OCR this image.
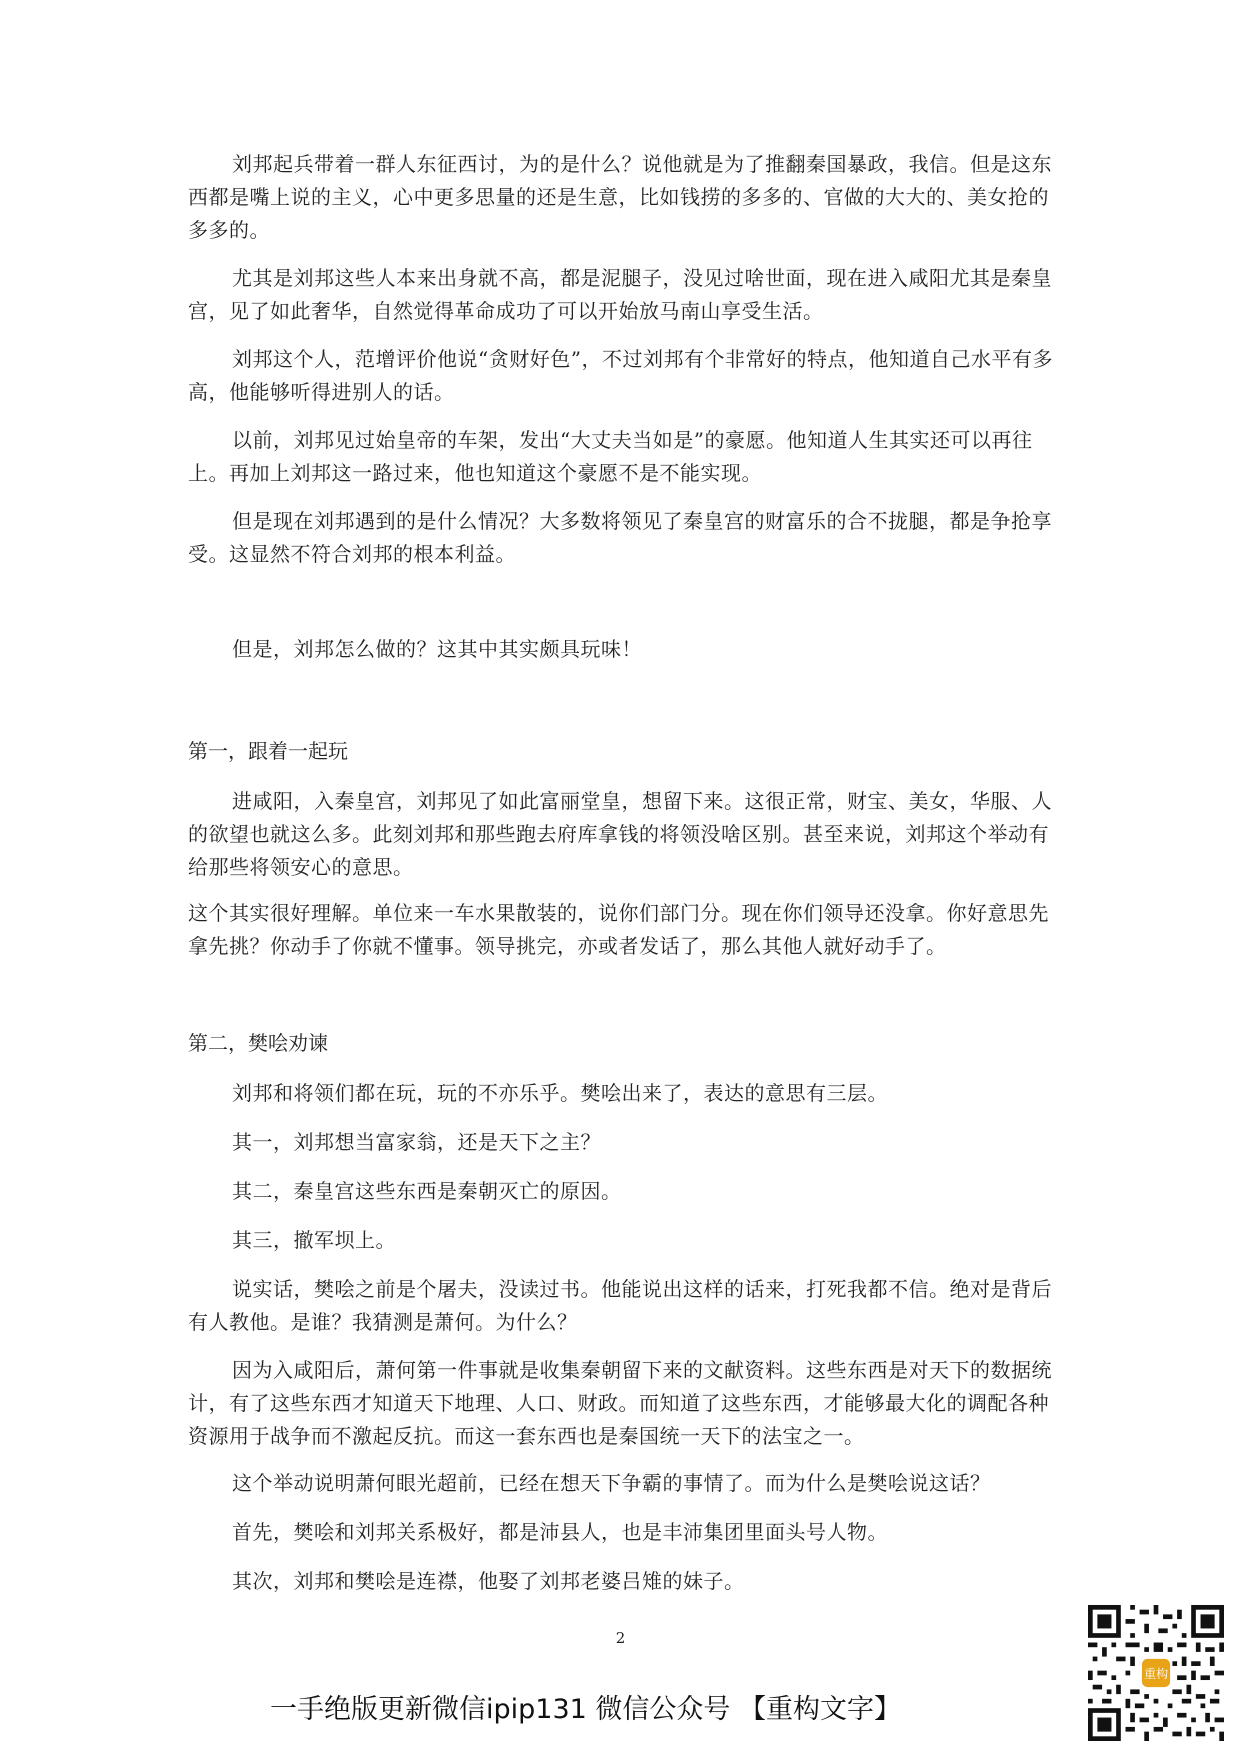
刘邦起兵带着一群人东征西讨，为的是什么？说他就是为了推翻秦国暴政，我信。但是这东西都是嘴上说的主义，心中更多思量的还是生意，比如钱捞的多多的、官做的大大的、美女抢的多多的。

尤其是刘邦这些人本来出身就不高，都是泥腿子，没见过啥世面，现在进入咸阳尤其是秦皇宫，见了如此奢华，自然觉得革命成功了可以开始放马南山享受生活。

刘邦这个人，范增评价他说“贪财好色”，不过刘邦有个非常好的特点，他知道自己水平有多高，他能够听得进别人的话。

以前，刘邦见过始皇帝的车架，发出“大丈夫当如是”的豪愿。他知道人生其实还可以再往上。再加上刘邦这一路过来，他也知道这个豪愿不是不能实现。

但是现在刘邦遇到的是什么情况？大多数将领见了秦皇宫的财富乐的合不拢腿，都是争抢享受。这显然不符合刘邦的根本利益。

但是，刘邦怎么做的？这其中其实颇具玩味！

第一，跟着一起玩

进咸阳，入秦皇宫，刘邦见了如此富丽堂皇，想留下来。这很正常，财宝、美女，华服、人的欲望也就这么多。此刻刘邦和那些跑去府库拿钱的将领没啥区别。甚至来说，刘邦这个举动有给那些将领安心的意思。

这个其实很好理解。单位来一车水果散装的，说你们部门分。现在你们领导还没拿。你好意思先拿先挑？你动手了你就不懂事。领导挑完，亦或者发话了，那么其他人就好动手了。

第二，樊哙劝谏

刘邦和将领们都在玩，玩的不亦乐乎。樊哙出来了，表达的意思有三层。

其一，刘邦想当富家翁，还是天下之主？

其二，秦皇宫这些东西是秦朝灭亡的原因。

其三，撤军坝上。

说实话，樊哙之前是个屠夫，没读过书。他能说出这样的话来，打死我都不信。绝对是背后有人教他。是谁？我猜测是萧何。为什么？

因为入咸阳后，萧何第一件事就是收集秦朝留下来的文献资料。这些东西是对天下的数据统计，有了这些东西才知道天下地理、人口、财政。而知道了这些东西，才能够最大化的调配各种资源用于战争而不激起反抗。而这一套东西也是秦国统一天下的法宝之一。

这个举动说明萧何眼光超前，已经在想天下争霸的事情了。而为什么是樊哙说这话？

首先，樊哙和刘邦关系极好，都是沛县人，也是丰沛集团里面头号人物。

其次，刘邦和樊哙是连襟，他娶了刘邦老婆吕雉的妹子。

2
一手绝版更新微信ipip131 微信公众号 【重构文字】
重构
